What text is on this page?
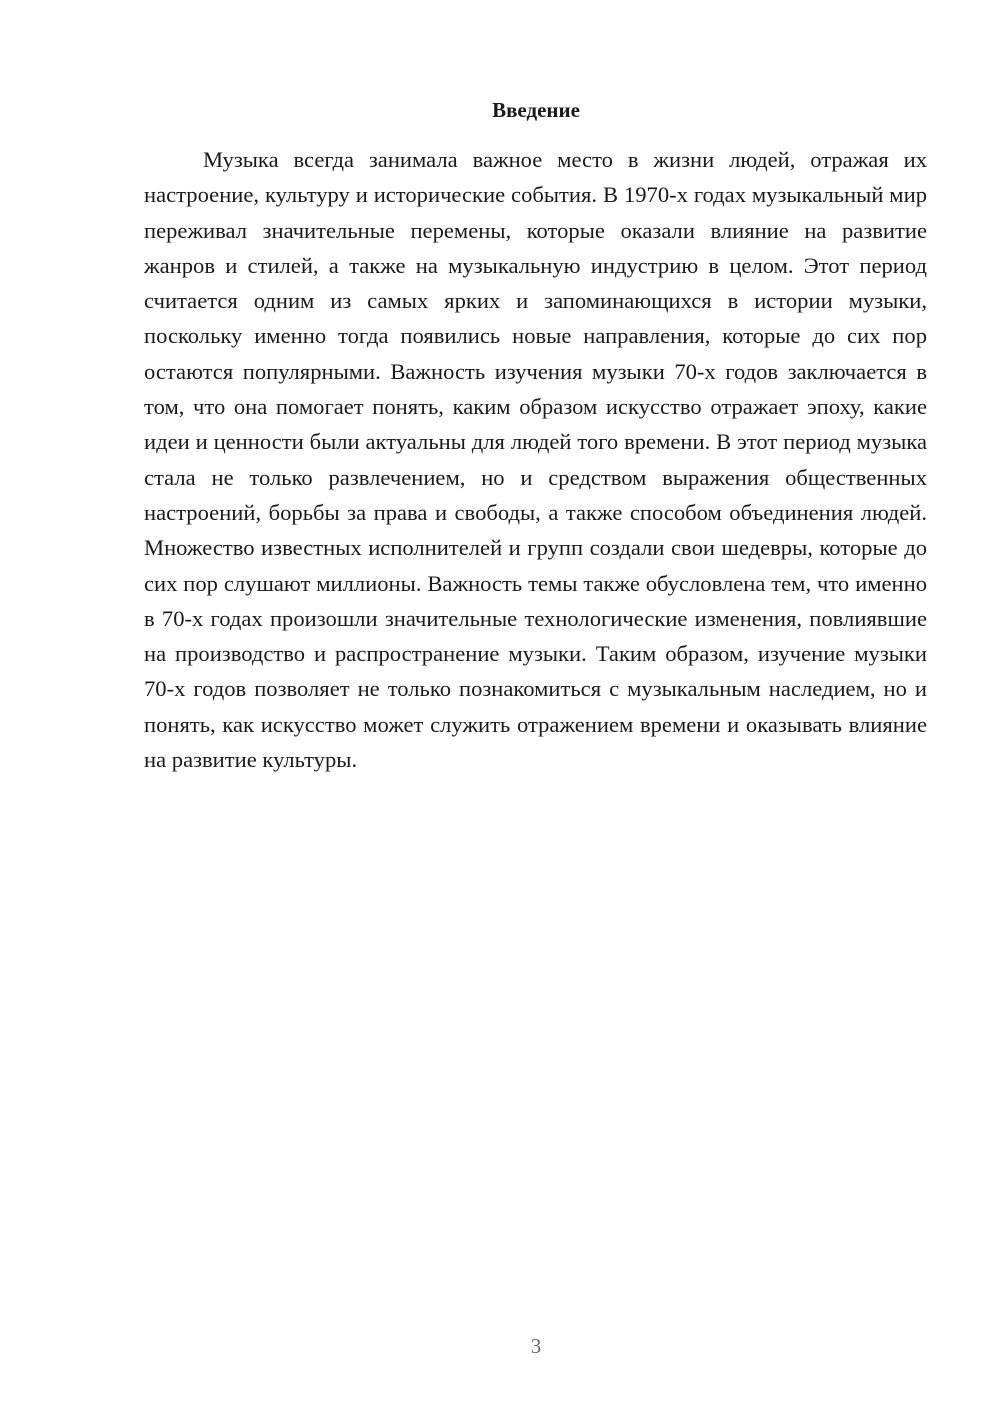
Введение

Музыка всегда занимала важное место в жизни людей, отражая их настроение, культуру и исторические события. В 1970-х годах музыкальный мир переживал значительные перемены, которые оказали влияние на развитие жанров и стилей, а также на музыкальную индустрию в целом. Этот период считается одним из самых ярких и запоминающихся в истории музыки, поскольку именно тогда появились новые направления, которые до сих пор остаются популярными. Важность изучения музыки 70-х годов заключается в том, что она помогает понять, каким образом искусство отражает эпоху, какие идеи и ценности были актуальны для людей того времени. В этот период музыка стала не только развлечением, но и средством выражения общественных настроений, борьбы за права и свободы, а также способом объединения людей. Множество известных исполнителей и групп создали свои шедевры, которые до сих пор слушают миллионы. Важность темы также обусловлена тем, что именно в 70-х годах произошли значительные технологические изменения, повлиявшие на производство и распространение музыки. Таким образом, изучение музыки 70-х годов позволяет не только познакомиться с музыкальным наследием, но и понять, как искусство может служить отражением времени и оказывать влияние на развитие культуры.

3
